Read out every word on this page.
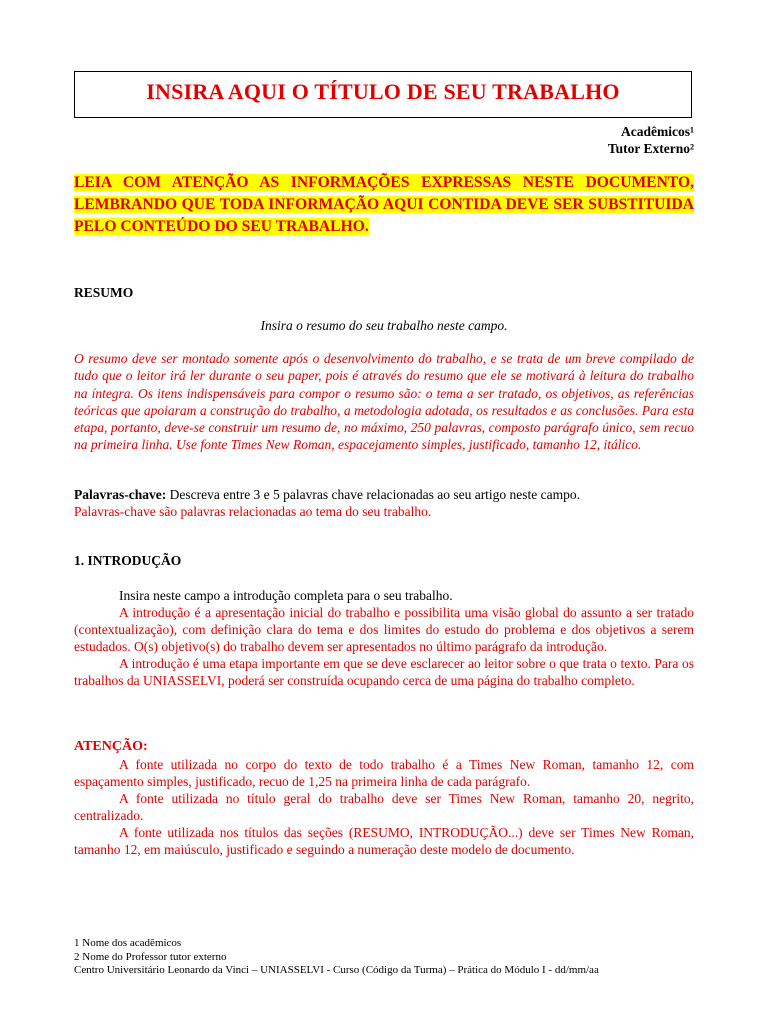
INSIRA AQUI O TÍTULO DE SEU TRABALHO
Acadêmicos¹
Tutor Externo²
LEIA COM ATENÇÃO AS INFORMAÇÕES EXPRESSAS NESTE DOCUMENTO, LEMBRANDO QUE TODA INFORMAÇÃO AQUI CONTIDA DEVE SER SUBSTITUIDA PELO CONTEÚDO DO SEU TRABALHO.
RESUMO
Insira o resumo do seu trabalho neste campo.
O resumo deve ser montado somente após o desenvolvimento do trabalho, e se trata de um breve compilado de tudo que o leitor irá ler durante o seu paper, pois é através do resumo que ele se motivará à leitura do trabalho na íntegra. Os itens indispensáveis para compor o resumo são: o tema a ser tratado, os objetivos, as referências teóricas que apoiaram a construção do trabalho, a metodologia adotada, os resultados e as conclusões. Para esta etapa, portanto, deve-se construir um resumo de, no máximo, 250 palavras, composto parágrafo único, sem recuo na primeira linha. Use fonte Times New Roman, espacejamento simples, justificado, tamanho 12, itálico.
Palavras-chave: Descreva entre 3 e 5 palavras chave relacionadas ao seu artigo neste campo.
Palavras-chave são palavras relacionadas ao tema do seu trabalho.
1. INTRODUÇÃO

Insira neste campo a introdução completa para o seu trabalho.

A introdução é a apresentação inicial do trabalho e possibilita uma visão global do assunto a ser tratado (contextualização), com definição clara do tema e dos limites do estudo do problema e dos objetivos a serem estudados. O(s) objetivo(s) do trabalho devem ser apresentados no último parágrafo da introdução.

A introdução é uma etapa importante em que se deve esclarecer ao leitor sobre o que trata o texto. Para os trabalhos da UNIASSELVI, poderá ser construída ocupando cerca de uma página do trabalho completo.

ATENÇÃO:

A fonte utilizada no corpo do texto de todo trabalho é a Times New Roman, tamanho 12, com espaçamento simples, justificado, recuo de 1,25 na primeira linha de cada parágrafo.

A fonte utilizada no título geral do trabalho deve ser Times New Roman, tamanho 20, negrito, centralizado.

A fonte utilizada nos títulos das seções (RESUMO, INTRODUÇÃO...) deve ser Times New Roman, tamanho 12, em maiúsculo, justificado e seguindo a numeração deste modelo de documento.

1 Nome dos acadêmicos
2 Nome do Professor tutor externo
Centro Universitário Leonardo da Vinci – UNIASSELVI - Curso (Código da Turma) – Prática do Módulo I - dd/mm/aa
